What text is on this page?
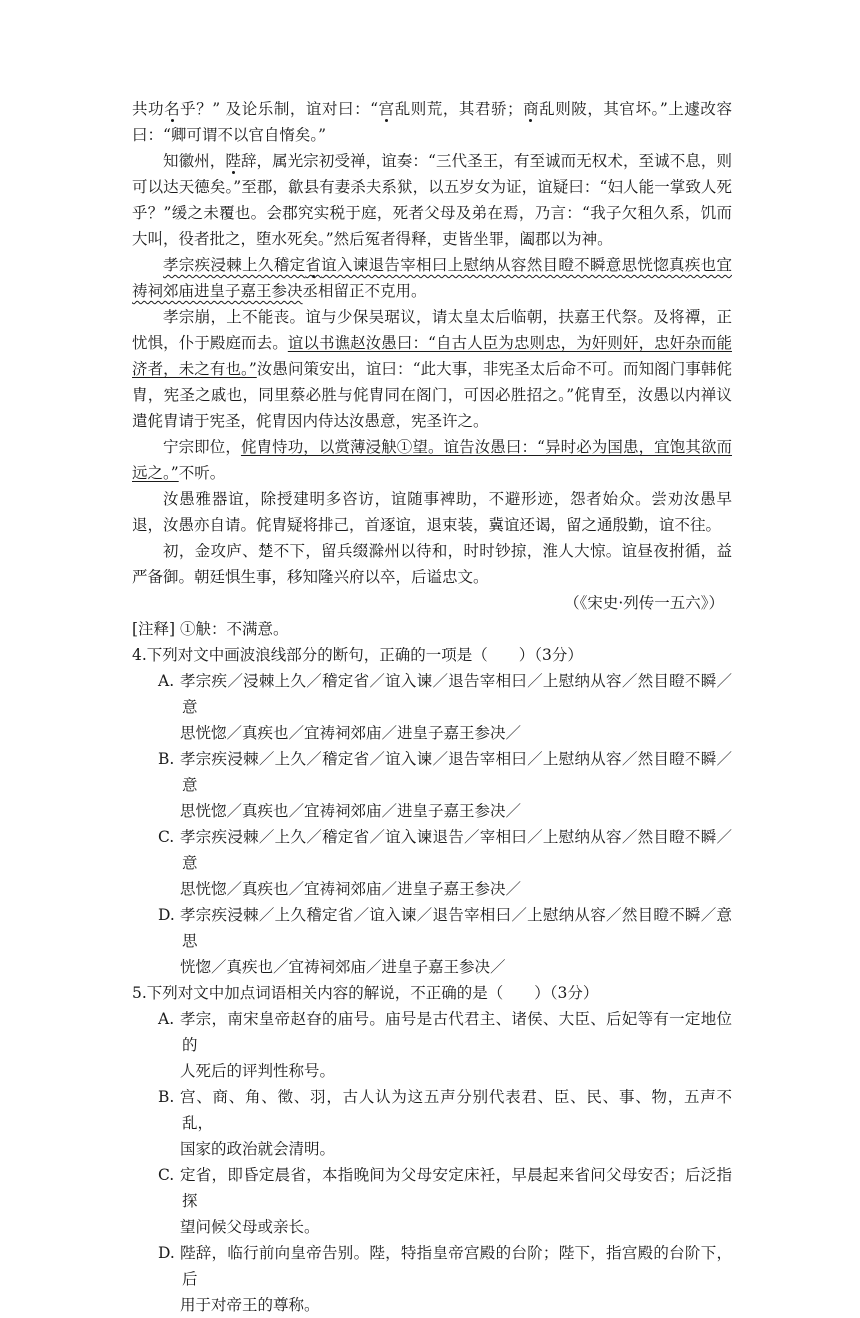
共功名乎？” 及论乐制，谊对曰：“宫乱则荒，其君骄；商乱则陂，其官坏。”上遽改容曰：“卿可谓不以官自惰矣。”

知徽州，陛辞，属光宗初受禅，谊奏：“三代圣王，有至诚而无权术，至诚不息，则可以达天德矣。”至郡，歙县有妻杀夫系狱，以五岁女为证，谊疑曰：“妇人能一掌致人死乎？”缓之未覆也。会郡究实税于庭，死者父母及弟在焉，乃言：“我子欠租久系，饥而大叫，役者批之，堕水死矣。”然后冤者得释，吏皆坐罪，阖郡以为神。

孝宗疾浸棘上久稽定省谊入谏退告宰相曰上慰纳从容然目瞪不瞬意思恍惚真疾也宜祷祠郊庙进皇子嘉王参决丞相留正不克用。

孝宗崩，上不能丧。谊与少保吴琚议，请太皇太后临朝，扶嘉王代祭。及将禫，正忧惧，仆于殿庭而去。谊以书谯赵汝愚曰：“自古人臣为忠则忠，为奸则奸，忠奸杂而能济者，未之有也。”汝愚问策安出，谊曰：“此大事，非宪圣太后命不可。而知阁门事韩侂胄，宪圣之戚也，同里蔡必胜与侂胄同在阁门，可因必胜招之。”侂胄至，汝愚以内禅议遣侂胄请于宪圣，侂胄因内侍达汝愚意，宪圣许之。

宁宗即位，侂胄恃功，以赏薄浸觖①望。谊告汝愚曰：“异时必为国患，宜饱其欲而远之。”不听。

汝愚雅器谊，除授建明多咨访，谊随事裨助，不避形迹，怨者始众。尝劝汝愚早退，汝愚亦自请。侂胄疑将排己，首逐谊，退束装，冀谊还谒，留之通殷勤，谊不往。

初，金攻庐、楚不下，留兵缀滁州以待和，时时钞掠，淮人大惊。谊昼夜拊循，益严备御。朝廷惧生事，移知隆兴府以卒，后谥忠文。

（《宋史·列传一五六》）

[注释] ①觖：不满意。

4.下列对文中画波浪线部分的断句，正确的一项是（　　）（3分）

A. 孝宗疾／浸棘上久／稽定省／谊入谏／退告宰相曰／上慰纳从容／然目瞪不瞬／意
思恍惚／真疾也／宜祷祠郊庙／进皇子嘉王参决／
B. 孝宗疾浸棘／上久／稽定省／谊入谏／退告宰相曰／上慰纳从容／然目瞪不瞬／意
思恍惚／真疾也／宜祷祠郊庙／进皇子嘉王参决／
C. 孝宗疾浸棘／上久／稽定省／谊入谏退告／宰相曰／上慰纳从容／然目瞪不瞬／意
思恍惚／真疾也／宜祷祠郊庙／进皇子嘉王参决／
D. 孝宗疾浸棘／上久稽定省／谊入谏／退告宰相曰／上慰纳从容／然目瞪不瞬／意思
恍惚／真疾也／宜祷祠郊庙／进皇子嘉王参决／

5.下列对文中加点词语相关内容的解说，不正确的是（　　）（3分）

A. 孝宗，南宋皇帝赵昚的庙号。庙号是古代君主、诸侯、大臣、后妃等有一定地位的
人死后的评判性称号。
B. 宫、商、角、徵、羽，古人认为这五声分别代表君、臣、民、事、物，五声不乱，
国家的政治就会清明。
C. 定省，即昏定晨省，本指晚间为父母安定床衽，早晨起来省问父母安否；后泛指探
望问候父母或亲长。
D. 陛辞，临行前向皇帝告别。陛，特指皇帝宫殿的台阶；陛下，指宫殿的台阶下，后
用于对帝王的尊称。
